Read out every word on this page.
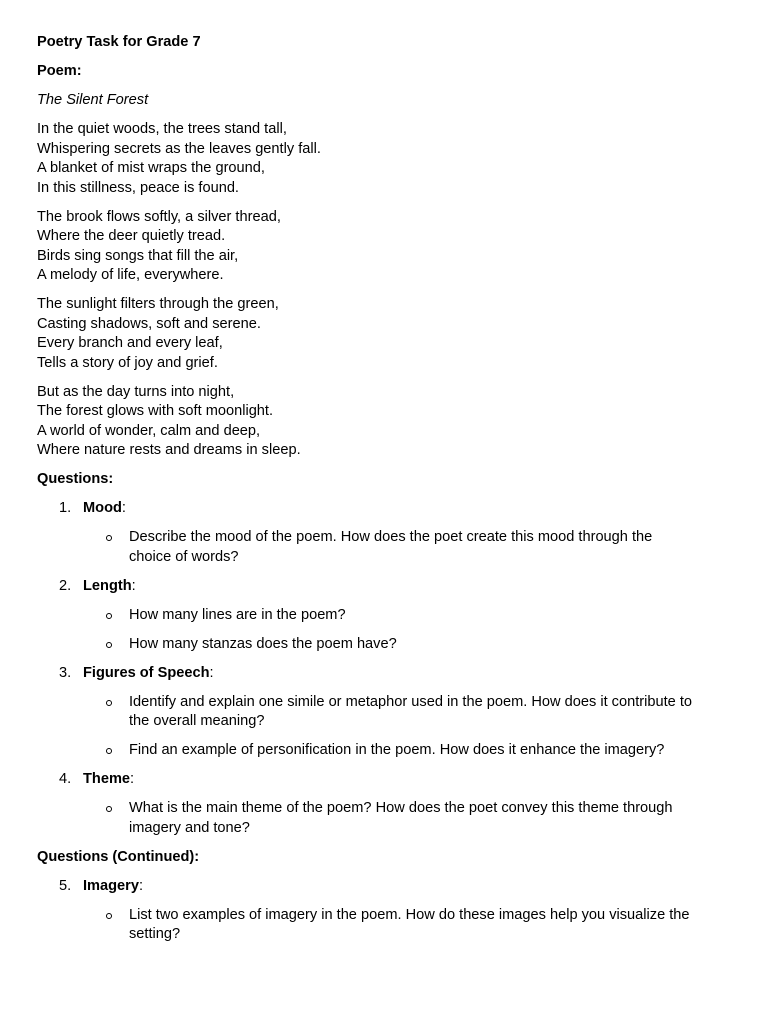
Poetry Task for Grade 7
Poem:
The Silent Forest
In the quiet woods, the trees stand tall,
Whispering secrets as the leaves gently fall.
A blanket of mist wraps the ground,
In this stillness, peace is found.
The brook flows softly, a silver thread,
Where the deer quietly tread.
Birds sing songs that fill the air,
A melody of life, everywhere.
The sunlight filters through the green,
Casting shadows, soft and serene.
Every branch and every leaf,
Tells a story of joy and grief.
But as the day turns into night,
The forest glows with soft moonlight.
A world of wonder, calm and deep,
Where nature rests and dreams in sleep.
Questions:
1. Mood:
Describe the mood of the poem. How does the poet create this mood through the
choice of words?
2. Length:
How many lines are in the poem?
How many stanzas does the poem have?
3. Figures of Speech:
Identify and explain one simile or metaphor used in the poem. How does it contribute to
the overall meaning?
Find an example of personification in the poem. How does it enhance the imagery?
4. Theme:
What is the main theme of the poem? How does the poet convey this theme through
imagery and tone?
Questions (Continued):
5. Imagery:
List two examples of imagery in the poem. How do these images help you visualize the
setting?
